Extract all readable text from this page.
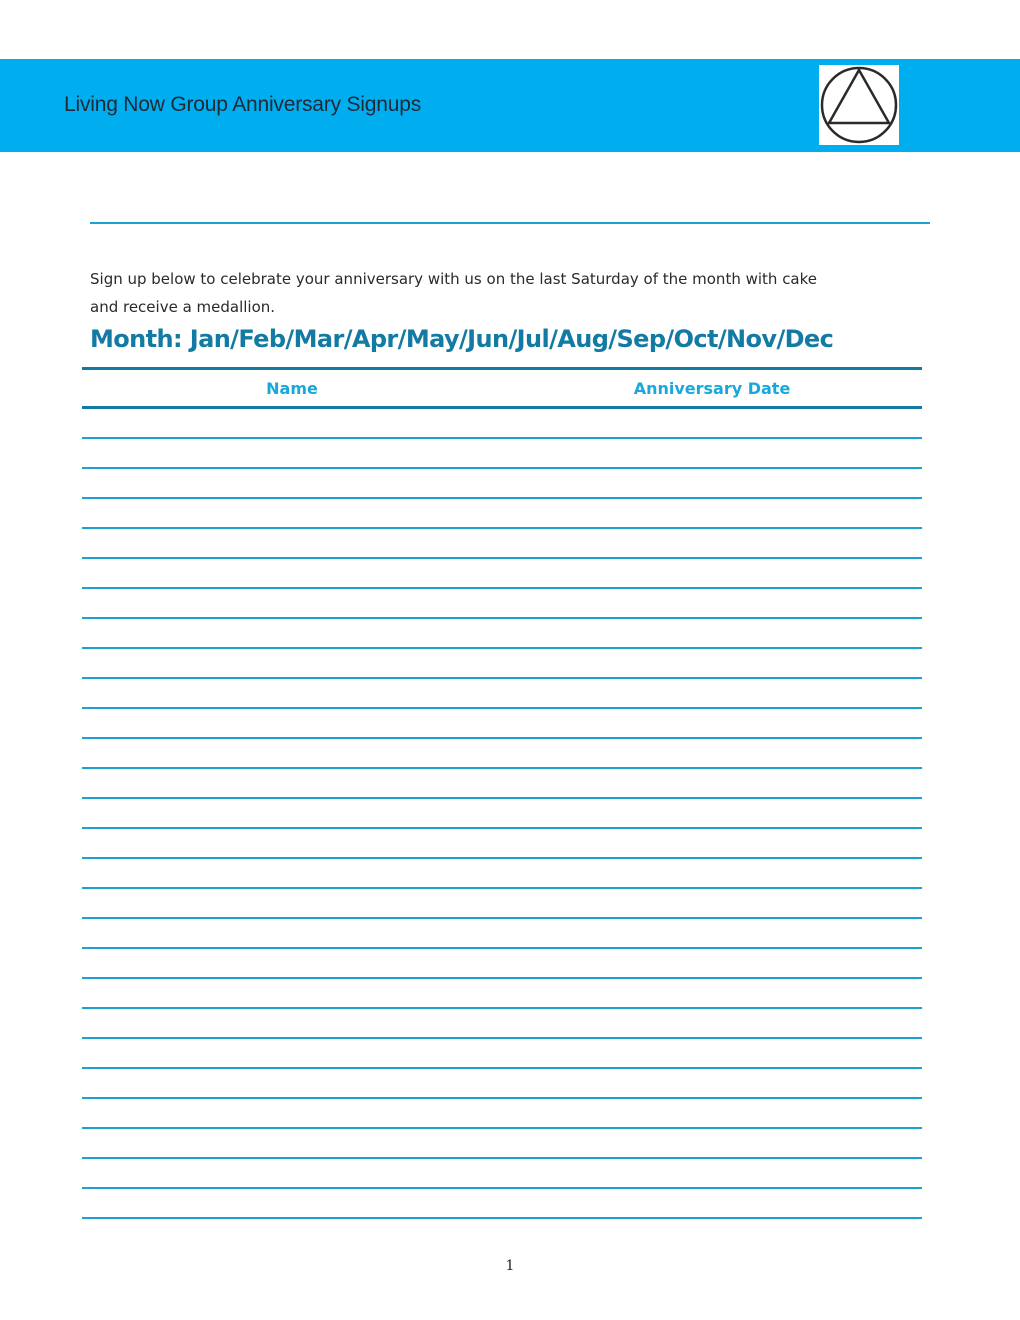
Living Now Group Anniversary Signups
Sign up below to celebrate your anniversary with us on the last Saturday of the month with cake
and receive a medallion.
Month: Jan/Feb/Mar/Apr/May/Jun/Jul/Aug/Sep/Oct/Nov/Dec
Name	Anniversary Date
1
